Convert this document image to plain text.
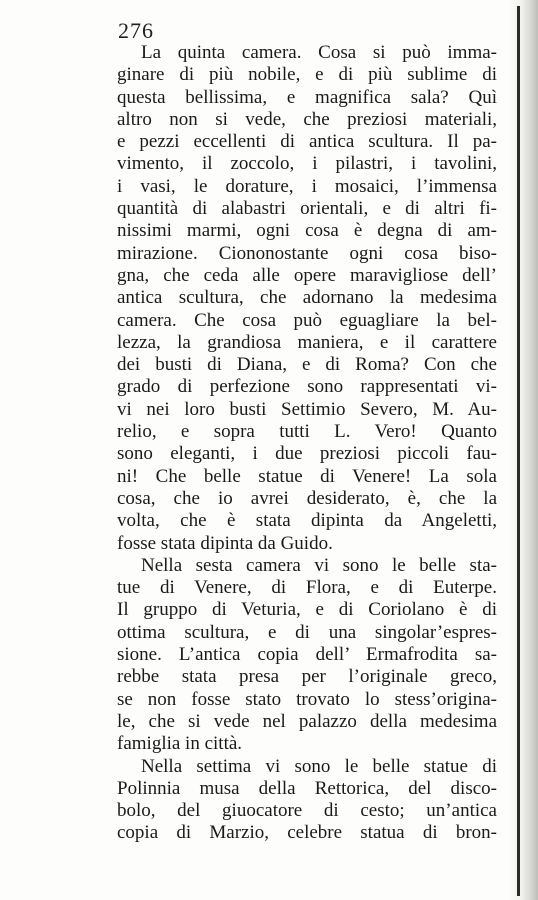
276
La quinta camera. Cosa si può imma-
ginare di più nobile, e di più sublime di
questa bellissima, e magnifica sala? Quì
altro non si vede, che preziosi materiali,
e pezzi eccellenti di antica scultura. Il pa-
vimento, il zoccolo, i pilastri, i tavolini,
i vasi, le dorature, i mosaici, l’immensa
quantità di alabastri orientali, e di altri fi-
nissimi marmi, ogni cosa è degna di am-
mirazione. Ciononostante ogni cosa biso-
gna, che ceda alle opere maravigliose dell’
antica scultura, che adornano la medesima
camera. Che cosa può eguagliare la bel-
lezza, la grandiosa maniera, e il carattere
dei busti di Diana, e di Roma? Con che
grado di perfezione sono rappresentati vi-
vi nei loro busti Settimio Severo, M. Au-
relio, e sopra tutti L. Vero! Quanto
sono eleganti, i due preziosi piccoli fau-
ni! Che belle statue di Venere! La sola
cosa, che io avrei desiderato, è, che la
volta, che è stata dipinta da Angeletti,
fosse stata dipinta da Guido.
Nella sesta camera vi sono le belle sta-
tue di Venere, di Flora, e di Euterpe.
Il gruppo di Veturia, e di Coriolano è di
ottima scultura, e di una singolar’espres-
sione. L’antica copia dell’ Ermafrodita sa-
rebbe stata presa per l’originale greco,
se non fosse stato trovato lo stess’origina-
le, che si vede nel palazzo della medesima
famiglia in città.
Nella settima vi sono le belle statue di
Polinnia musa della Rettorica, del disco-
bolo, del giuocatore di cesto; un’antica
copia di Marzio, celebre statua di bron-
